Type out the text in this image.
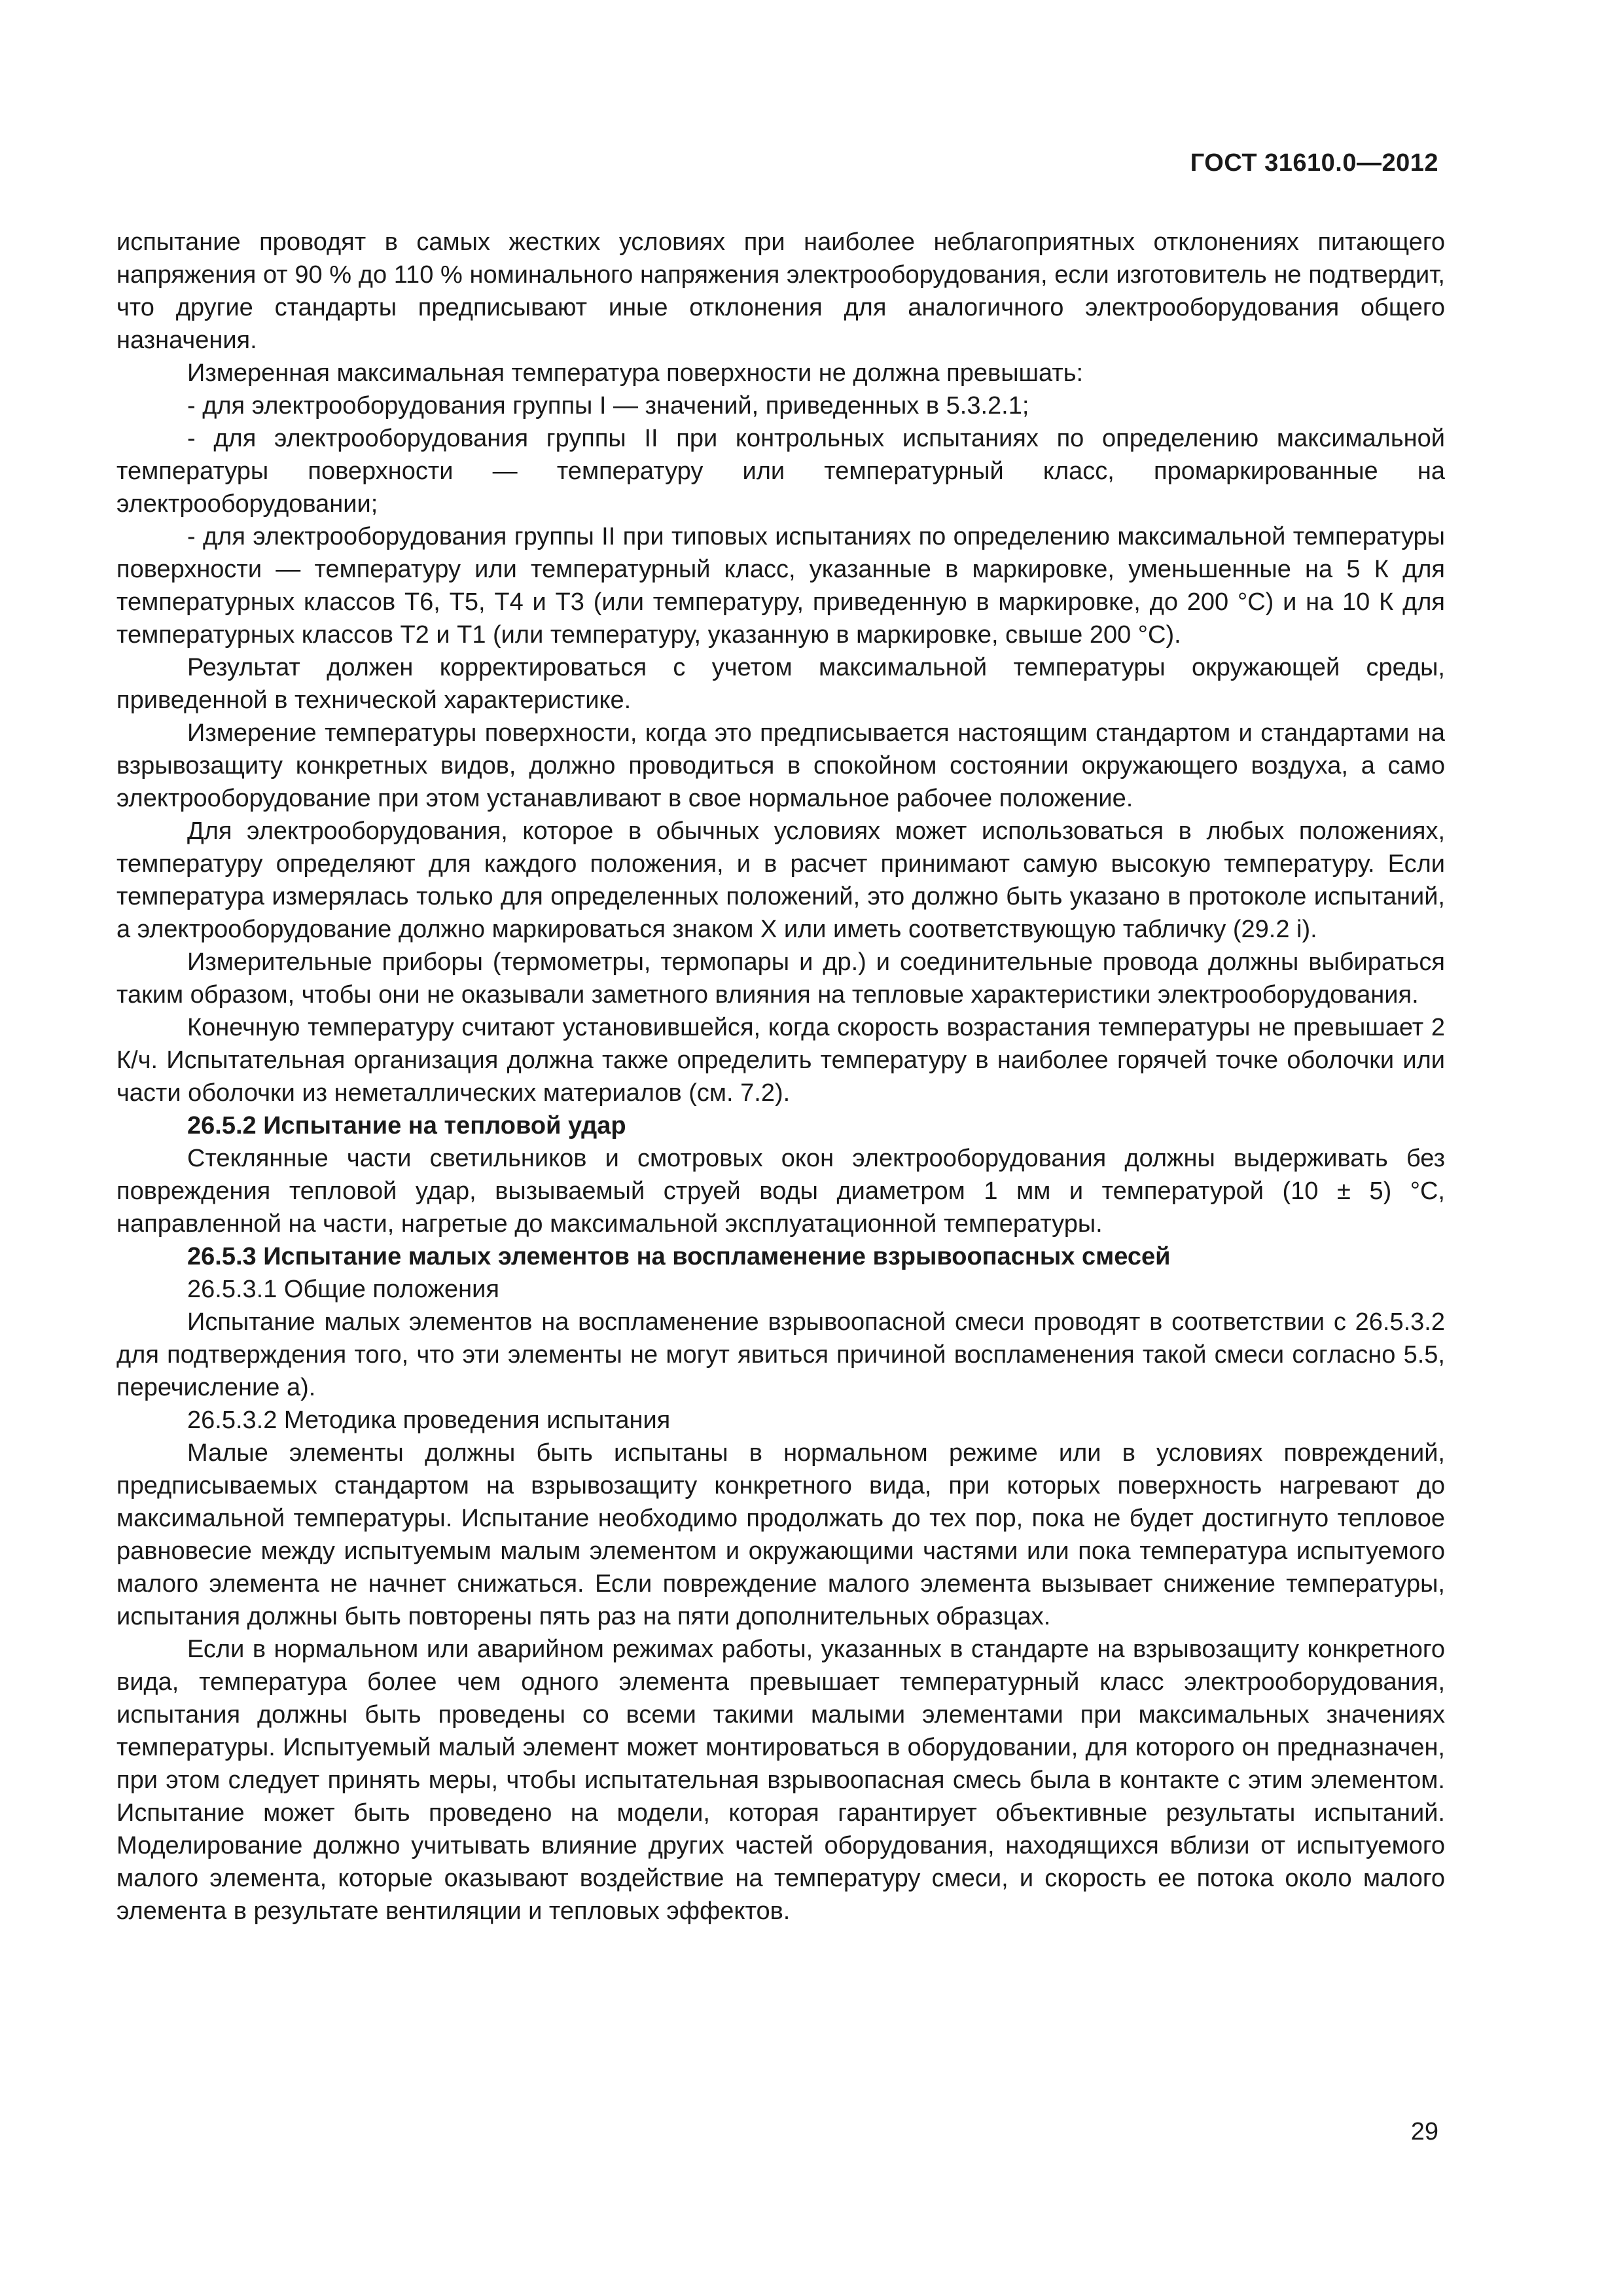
ГОСТ 31610.0—2012

испытание проводят в самых жестких условиях при наиболее неблагоприятных отклонениях питающего напряжения от 90 % до 110 % номинального напряжения электрооборудования, если изготовитель не подтвердит, что другие стандарты предписывают иные отклонения для аналогичного электрооборудования общего назначения.

Измеренная максимальная температура поверхности не должна превышать:

- для электрооборудования группы I — значений, приведенных в 5.3.2.1;

- для электрооборудования группы II при контрольных испытаниях по определению максимальной температуры поверхности — температуру или температурный класс, промаркированные на электрооборудовании;

- для электрооборудования группы II при типовых испытаниях по определению максимальной температуры поверхности — температуру или температурный класс, указанные в маркировке, уменьшенные на 5 К для температурных классов Т6, Т5, Т4 и Т3 (или температуру, приведенную в маркировке, до 200 °С) и на 10 К для температурных классов Т2 и Т1 (или температуру, указанную в маркировке, свыше 200 °С).

Результат должен корректироваться с учетом максимальной температуры окружающей среды, приведенной в технической характеристике.

Измерение температуры поверхности, когда это предписывается настоящим стандартом и стандартами на взрывозащиту конкретных видов, должно проводиться в спокойном состоянии окружающего воздуха, а само электрооборудование при этом устанавливают в свое нормальное рабочее положение.

Для электрооборудования, которое в обычных условиях может использоваться в любых положениях, температуру определяют для каждого положения, и в расчет принимают самую высокую температуру. Если температура измерялась только для определенных положений, это должно быть указано в протоколе испытаний, а электрооборудование должно маркироваться знаком X или иметь соответствующую табличку (29.2 i).

Измерительные приборы (термометры, термопары и др.) и соединительные провода должны выбираться таким образом, чтобы они не оказывали заметного влияния на тепловые характеристики электрооборудования.

Конечную температуру считают установившейся, когда скорость возрастания температуры не превышает 2 К/ч. Испытательная организация должна также определить температуру в наиболее горячей точке оболочки или части оболочки из неметаллических материалов (см. 7.2).

26.5.2 Испытание на тепловой удар

Стеклянные части светильников и смотровых окон электрооборудования должны выдерживать без повреждения тепловой удар, вызываемый струей воды диаметром 1 мм и температурой (10 ± 5) °С, направленной на части, нагретые до максимальной эксплуатационной температуры.

26.5.3 Испытание малых элементов на воспламенение взрывоопасных смесей

26.5.3.1 Общие положения

Испытание малых элементов на воспламенение взрывоопасной смеси проводят в соответствии с 26.5.3.2 для подтверждения того, что эти элементы не могут явиться причиной воспламенения такой смеси согласно 5.5, перечисление а).

26.5.3.2 Методика проведения испытания

Малые элементы должны быть испытаны в нормальном режиме или в условиях повреждений, предписываемых стандартом на взрывозащиту конкретного вида, при которых поверхность нагревают до максимальной температуры. Испытание необходимо продолжать до тех пор, пока не будет достигнуто тепловое равновесие между испытуемым малым элементом и окружающими частями или пока температура испытуемого малого элемента не начнет снижаться. Если повреждение малого элемента вызывает снижение температуры, испытания должны быть повторены пять раз на пяти дополнительных образцах.

Если в нормальном или аварийном режимах работы, указанных в стандарте на взрывозащиту конкретного вида, температура более чем одного элемента превышает температурный класс электрооборудования, испытания должны быть проведены со всеми такими малыми элементами при максимальных значениях температуры. Испытуемый малый элемент может монтироваться в оборудовании, для которого он предназначен, при этом следует принять меры, чтобы испытательная взрывоопасная смесь была в контакте с этим элементом. Испытание может быть проведено на модели, которая гарантирует объективные результаты испытаний. Моделирование должно учитывать влияние других частей оборудования, находящихся вблизи от испытуемого малого элемента, которые оказывают воздействие на температуру смеси, и скорость ее потока около малого элемента в результате вентиляции и тепловых эффектов.

29
